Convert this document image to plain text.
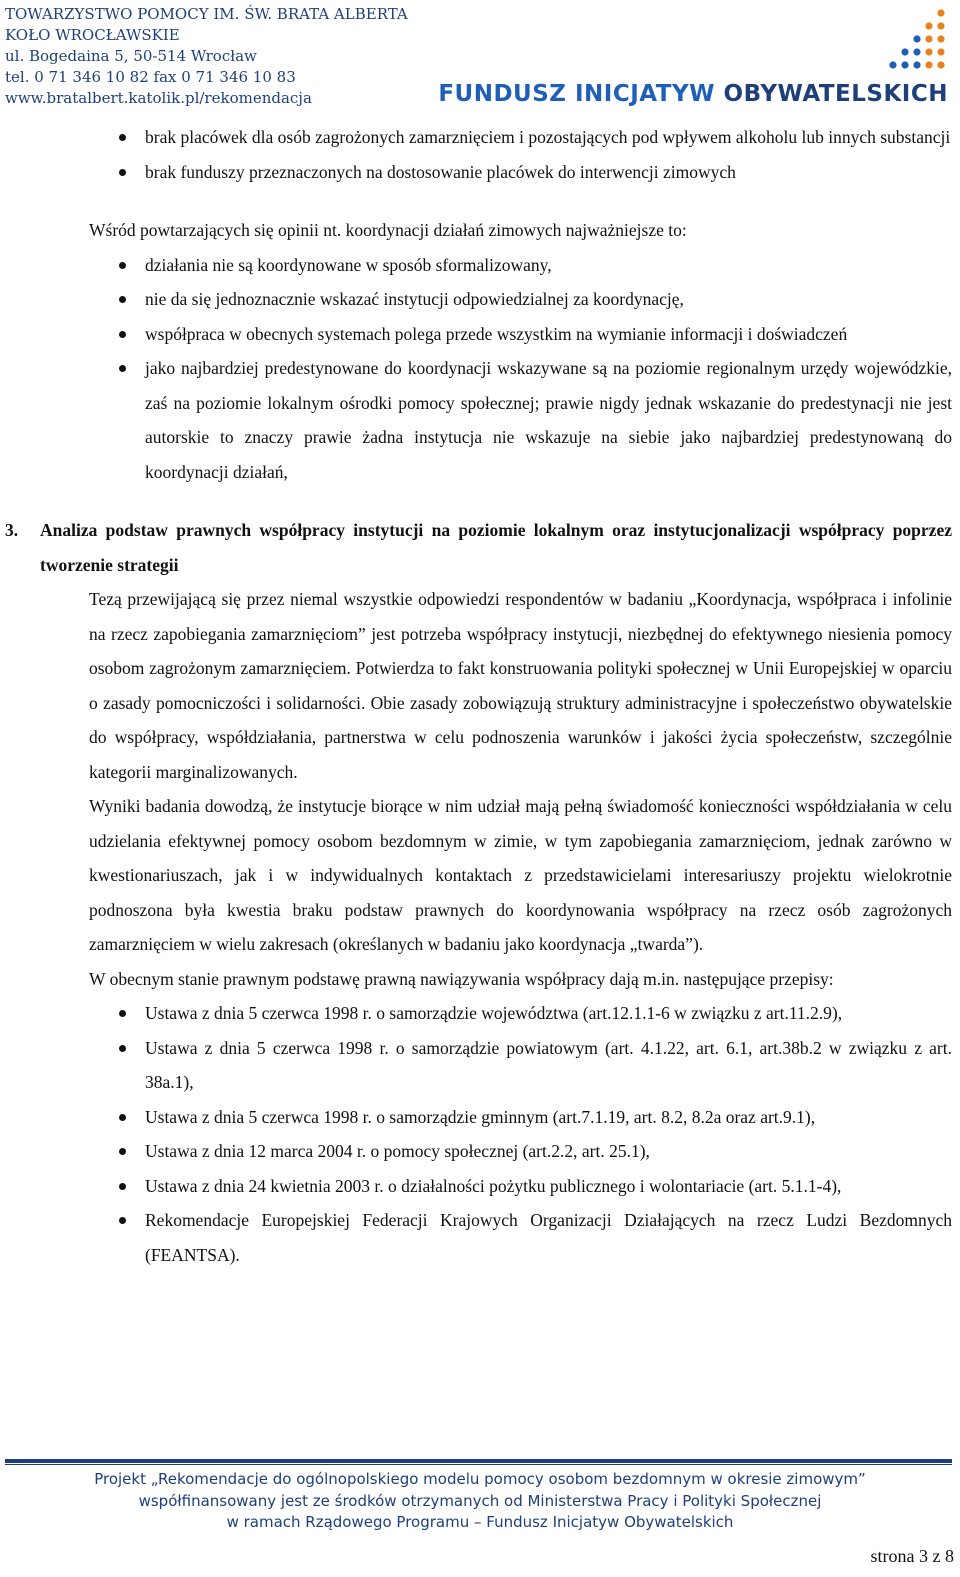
TOWARZYSTWO POMOCY IM. ŚW. BRATA ALBERTA
KOŁO WROCŁAWSKIE
ul. Bogedaina 5, 50-514 Wrocław
tel. 0 71 346 10 82 fax 0 71 346 10 83
www.bratalbert.katolik.pl/rekomendacja	FUNDUSZ INICJATYW OBYWATELSKICH
brak placówek dla osób zagrożonych zamarznięciem i pozostających pod wpływem alkoholu lub innych substancji
brak funduszy przeznaczonych na dostosowanie placówek do interwencji zimowych

Wśród powtarzających się opinii nt. koordynacji działań zimowych najważniejsze to:

działania nie są koordynowane w sposób sformalizowany,
nie da się jednoznacznie wskazać instytucji odpowiedzialnej za koordynację,
współpraca w obecnych systemach polega przede wszystkim na wymianie informacji i doświadczeń
jako najbardziej predestynowane do koordynacji wskazywane są na poziomie regionalnym urzędy wojewódzkie, zaś na poziomie lokalnym ośrodki pomocy społecznej; prawie nigdy jednak wskazanie do predestynacji nie jest autorskie to znaczy prawie żadna instytucja nie wskazuje na siebie jako najbardziej predestynowaną do koordynacji działań,
3. Analiza podstaw prawnych współpracy instytucji na poziomie lokalnym oraz instytucjonalizacji współpracy poprzez tworzenie strategii

Tezą przewijającą się przez niemal wszystkie odpowiedzi respondentów w badaniu „Koordynacja, współpraca i infolinie na rzecz zapobiegania zamarznięciom” jest potrzeba współpracy instytucji, niezbędnej do efektywnego niesienia pomocy osobom zagrożonym zamarznięciem. Potwierdza to fakt konstruowania polityki społecznej w Unii Europejskiej w oparciu o zasady pomocniczości i solidarności. Obie zasady zobowiązują struktury administracyjne i społeczeństwo obywatelskie do współpracy, współdziałania, partnerstwa w celu podnoszenia warunków i jakości życia społeczeństw, szczególnie kategorii marginalizowanych.

Wyniki badania dowodzą, że instytucje biorące w nim udział mają pełną świadomość konieczności współdziałania w celu udzielania efektywnej pomocy osobom bezdomnym w zimie, w tym zapobiegania zamarznięciom, jednak zarówno w kwestionariuszach, jak i w indywidualnych kontaktach z przedstawicielami interesariuszy projektu wielokrotnie podnoszona była kwestia braku podstaw prawnych do koordynowania współpracy na rzecz osób zagrożonych zamarznięciem w wielu zakresach (określanych w badaniu jako koordynacja „twarda”).

W obecnym stanie prawnym podstawę prawną nawiązywania współpracy dają m.in. następujące przepisy:

Ustawa z dnia 5 czerwca 1998 r. o samorządzie województwa (art.12.1.1-6 w związku z art.11.2.9),
Ustawa z dnia 5 czerwca 1998 r. o samorządzie powiatowym (art. 4.1.22, art. 6.1, art.38b.2 w związku z art. 38a.1),
Ustawa z dnia 5 czerwca 1998 r. o samorządzie gminnym (art.7.1.19, art. 8.2, 8.2a oraz art.9.1),
Ustawa z dnia 12 marca 2004 r. o pomocy społecznej (art.2.2, art. 25.1),
Ustawa z dnia 24 kwietnia 2003 r. o działalności pożytku publicznego i wolontariacie (art. 5.1.1-4),
Rekomendacje Europejskiej Federacji Krajowych Organizacji Działających na rzecz Ludzi Bezdomnych (FEANTSA).
Projekt „Rekomendacje do ogólnopolskiego modelu pomocy osobom bezdomnym w okresie zimowym”
współfinansowany jest ze środków otrzymanych od Ministerstwa Pracy i Polityki Społecznej
w ramach Rządowego Programu – Fundusz Inicjatyw Obywatelskich
strona 3 z 8
